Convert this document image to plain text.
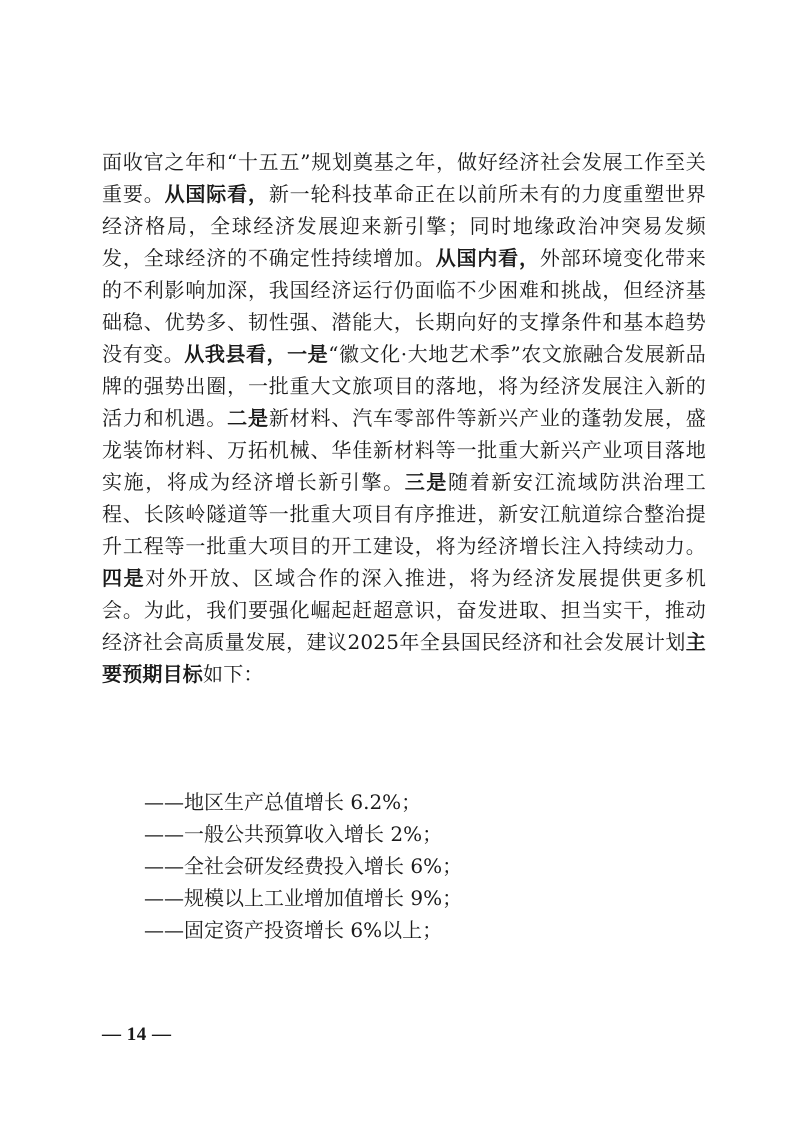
面收官之年和“十五五”规划奠基之年，做好经济社会发展工作至关重要。从国际看，新一轮科技革命正在以前所未有的力度重塑世界经济格局，全球经济发展迎来新引擎；同时地缘政治冲突易发频发，全球经济的不确定性持续增加。从国内看，外部环境变化带来的不利影响加深，我国经济运行仍面临不少困难和挑战，但经济基础稳、优势多、韧性强、潜能大，长期向好的支撑条件和基本趋势没有变。从我县看，一是“徽文化·大地艺术季”农文旅融合发展新品牌的强势出圈，一批重大文旅项目的落地，将为经济发展注入新的活力和机遇。二是新材料、汽车零部件等新兴产业的蓬勃发展，盛龙装饰材料、万拓机械、华佳新材料等一批重大新兴产业项目落地实施，将成为经济增长新引擎。三是随着新安江流域防洪治理工程、长陔岭隧道等一批重大项目有序推进，新安江航道综合整治提升工程等一批重大项目的开工建设，将为经济增长注入持续动力。四是对外开放、区域合作的深入推进，将为经济发展提供更多机会。为此，我们要强化崛起赶超意识，奋发进取、担当实干，推动经济社会高质量发展，建议2025年全县国民经济和社会发展计划主要预期目标如下：

——地区生产总值增长 6.2%；
——一般公共预算收入增长 2%；
——全社会研发经费投入增长 6%；
——规模以上工业增加值增长 9%；
——固定资产投资增长 6%以上；
— 14 —
